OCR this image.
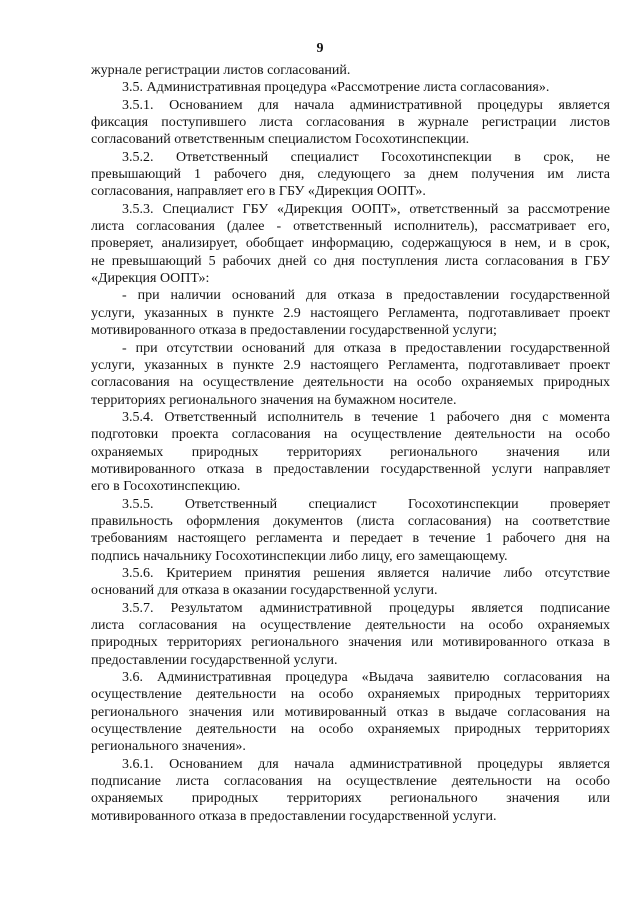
9
журнале регистрации листов согласований.
3.5. Административная процедура «Рассмотрение листа согласования».
3.5.1. Основанием для начала административной процедуры является
фиксация поступившего листа согласования в журнале регистрации листов
согласований ответственным специалистом Госохотинспекции.
3.5.2. Ответственный специалист Госохотинспекции в срок, не
превышающий 1 рабочего дня, следующего за днем получения им листа
согласования, направляет его в ГБУ «Дирекция ООПТ».
3.5.3. Специалист ГБУ «Дирекция ООПТ», ответственный за рассмотрение
листа согласования (далее - ответственный исполнитель), рассматривает его,
проверяет, анализирует, обобщает информацию, содержащуюся в нем, и в срок,
не превышающий 5 рабочих дней со дня поступления листа согласования в ГБУ
«Дирекция ООПТ»:
- при наличии оснований для отказа в предоставлении государственной
услуги, указанных в пункте 2.9 настоящего Регламента, подготавливает проект
мотивированного отказа в предоставлении государственной услуги;
- при отсутствии оснований для отказа в предоставлении государственной
услуги, указанных в пункте 2.9 настоящего Регламента, подготавливает проект
согласования на осуществление деятельности на особо охраняемых природных
территориях регионального значения на бумажном носителе.
3.5.4. Ответственный исполнитель в течение 1 рабочего дня с момента
подготовки проекта согласования на осуществление деятельности на особо
охраняемых природных территориях регионального значения или
мотивированного отказа в предоставлении государственной услуги направляет
его в Госохотинспекцию.
3.5.5. Ответственный специалист Госохотинспекции проверяет
правильность оформления документов (листа согласования) на соответствие
требованиям настоящего регламента и передает в течение 1 рабочего дня на
подпись начальнику Госохотинспекции либо лицу, его замещающему.
3.5.6. Критерием принятия решения является наличие либо отсутствие
оснований для отказа в оказании государственной услуги.
3.5.7. Результатом административной процедуры является подписание
листа согласования на осуществление деятельности на особо охраняемых
природных территориях регионального значения или мотивированного отказа в
предоставлении государственной услуги.
3.6. Административная процедура «Выдача заявителю согласования на
осуществление деятельности на особо охраняемых природных территориях
регионального значения или мотивированный отказ в выдаче согласования на
осуществление деятельности на особо охраняемых природных территориях
регионального значения».
3.6.1. Основанием для начала административной процедуры является
подписание листа согласования на осуществление деятельности на особо
охраняемых природных территориях регионального значения или
мотивированного отказа в предоставлении государственной услуги.
